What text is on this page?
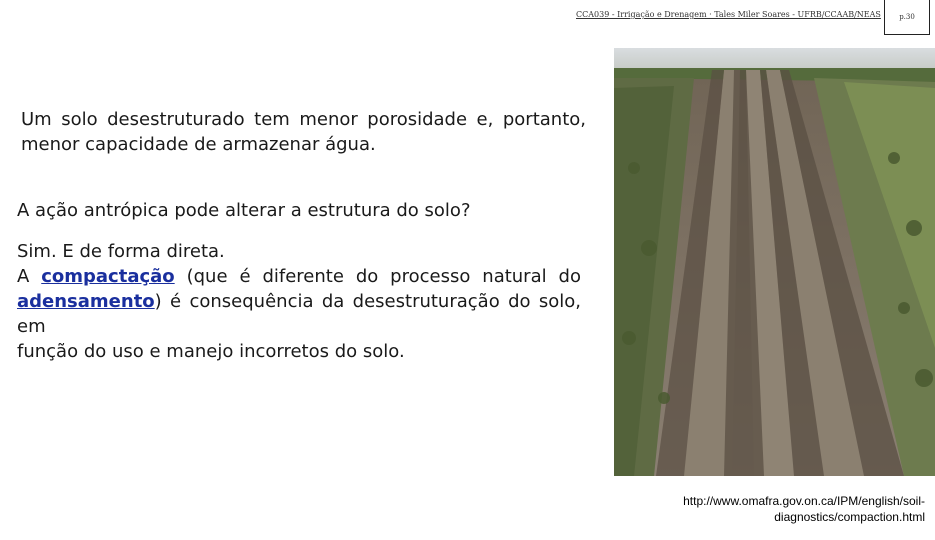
CCA039 - Irrigação e Drenagem · Tales Miler Soares - UFRB/CCAAB/NEAS	p.30
Um solo desestruturado tem menor porosidade e, portanto, menor capacidade de armazenar água.
A ação antrópica pode alterar a estrutura do solo?
Sim. E de forma direta.
A compactação (que é diferente do processo natural do
adensamento) é consequência da desestruturação do solo, em
função do uso e manejo incorretos do solo.
http://www.omafra.gov.on.ca/IPM/english/soil-
diagnostics/compaction.html
